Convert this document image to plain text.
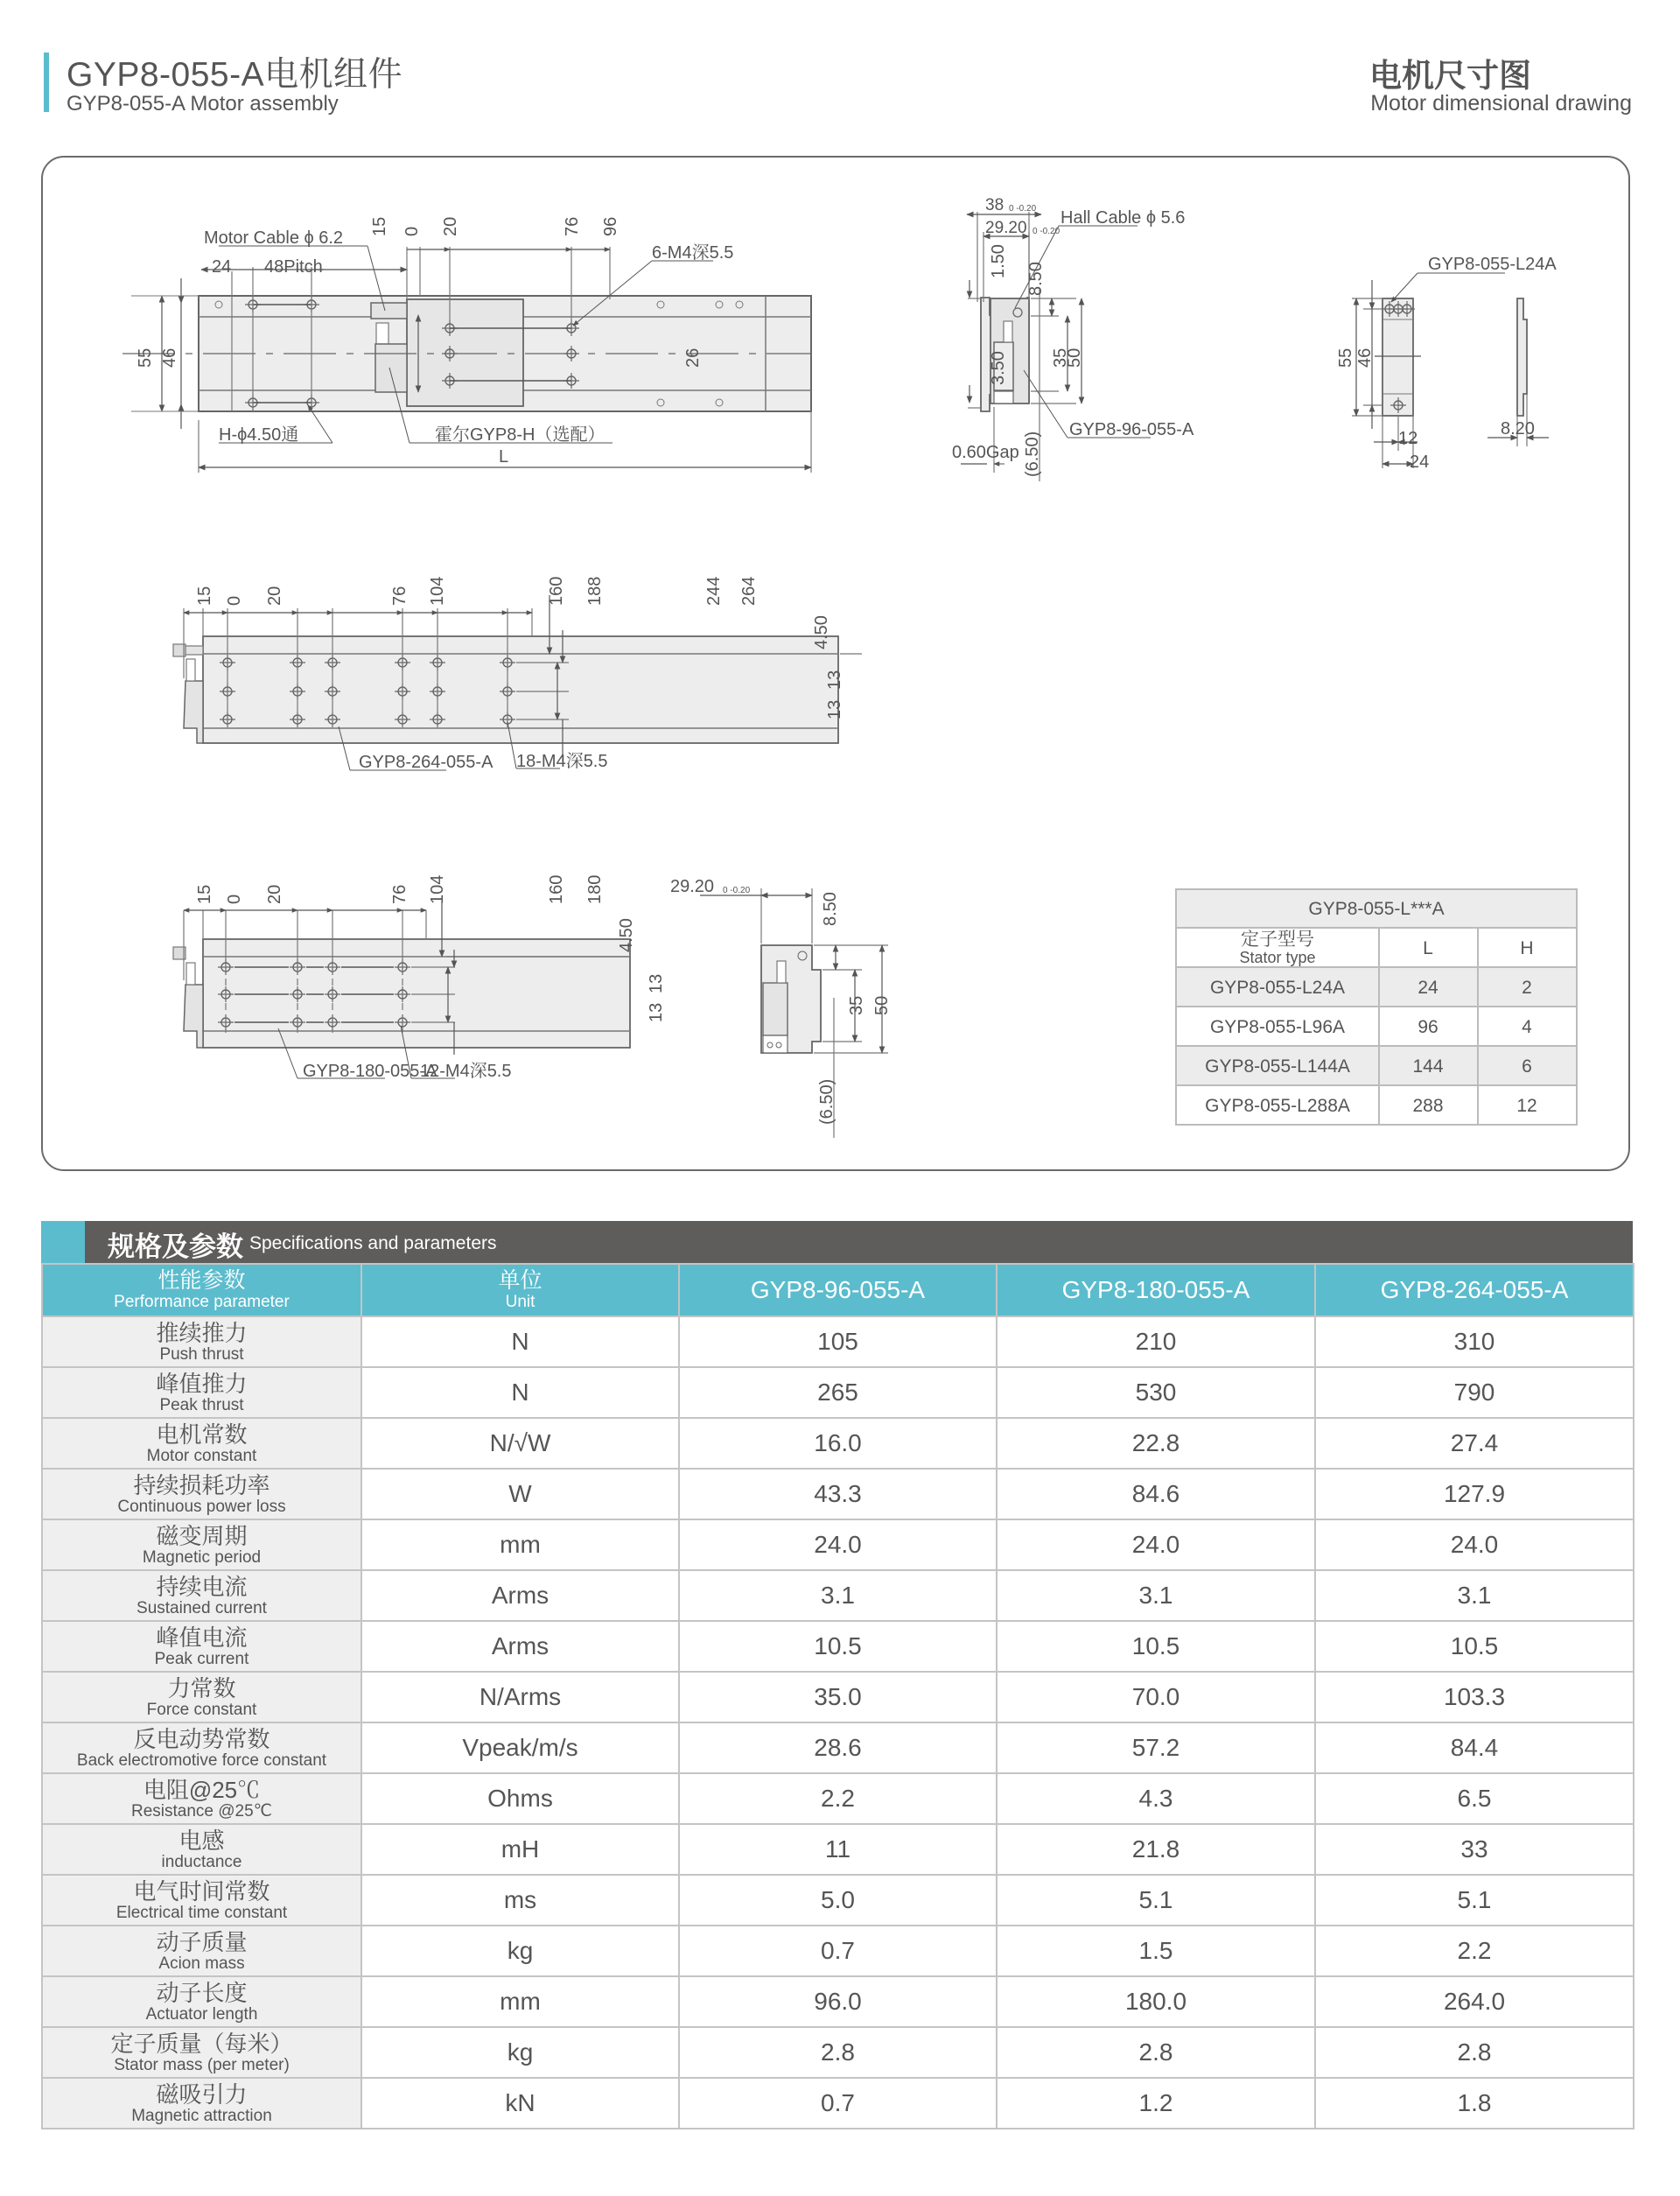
GYP8-055-A电机组件
GYP8-055-A Motor assembly
电机尺寸图
Motor dimensional drawing
Motor Cable ϕ 6.2
24 48Pitch
6-M4深5.5
H-ϕ4.50通	霍尔GYP8-H（选配）
L
55 46	26
15 0 20	76 96
38 0 -0.20
29.20 0 -0.20
Hall Cable ϕ 5.6
GYP8-96-055-A
0.60Gap
1.50
3.50
8.50
35
50
(6.50)
GYP8-055-L24A
12
24
8.20
55 46
GYP8-264-055-A 18-M4深5.5
15 0 20	76 104	160 188	244 264
4.50
13
13
GYP8-180-055-A
12-M4深5.5
15 0 20	76 104	160 180
4.50
13
13
29.20 0 -0.20
8.50
35 50
(6.50)
GYP8-055-L***A
定子型号
Stator type	L	H
GYP8-055-L24A	24	2
GYP8-055-L96A	96	4
GYP8-055-L144A	144	6
GYP8-055-L288A	288	12
规格及参数 Specifications and parameters
性能参数
Performance parameter	单位
Unit	GYP8-96-055-A	GYP8-180-055-A	GYP8-264-055-A

推续推力
Push thrust	N	105	210	310

峰值推力
Peak thrust	N	265	530	790

电机常数
Motor constant	N/√W	16.0	22.8	27.4

持续损耗功率
Continuous power loss	W	43.3	84.6	127.9

磁变周期
Magnetic period	mm	24.0	24.0	24.0

持续电流
Sustained current	Arms	3.1	3.1	3.1

峰值电流
Peak current	Arms	10.5	10.5	10.5

力常数
Force constant	N/Arms	35.0	70.0	103.3

反电动势常数
Back electromotive force constant	Vpeak/m/s	28.6	57.2	84.4

电阻@25℃
Resistance @25℃	Ohms	2.2	4.3	6.5

电感
inductance	mH	11	21.8	33

电气时间常数
Electrical time constant	ms	5.0	5.1	5.1

动子质量
Acion mass	kg	0.7	1.5	2.2

动子长度
Actuator length	mm	96.0	180.0	264.0

定子质量（每米）
Stator mass (per meter)	kg	2.8	2.8	2.8

磁吸引力
Magnetic attraction	kN	0.7	1.2	1.8
